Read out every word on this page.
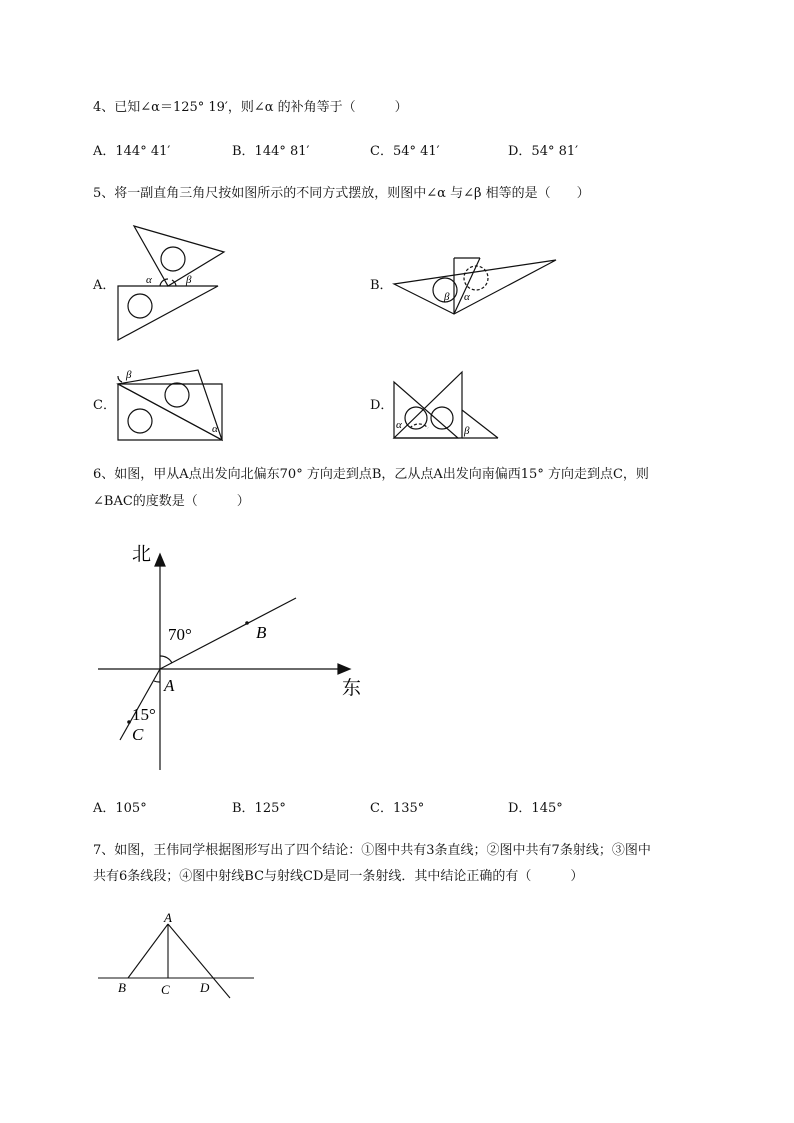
4、已知∠α＝125° 19′，则∠α 的补角等于（　　　）
A．144° 41′	B．144° 81′	C．54° 41′	D．54° 81′
5、将一副直角三角尺按如图所示的不同方式摆放，则图中∠α 与∠β 相等的是（　　）
A．	B．
C．	D．
α	β
β α
β
α	α	β
6、如图，甲从A点出发向北偏东70° 方向走到点B，乙从点A出发向南偏西15° 方向走到点C，则
∠BAC的度数是（　　　）
北
东
70°
15°
A
B
C
A．105°	B．125°	C．135°	D．145°
7、如图，王伟同学根据图形写出了四个结论：①图中共有3条直线；②图中共有7条射线；③图中
共有6条线段；④图中射线BC与射线CD是同一条射线．其中结论正确的有（　　　）
A
B	C D
